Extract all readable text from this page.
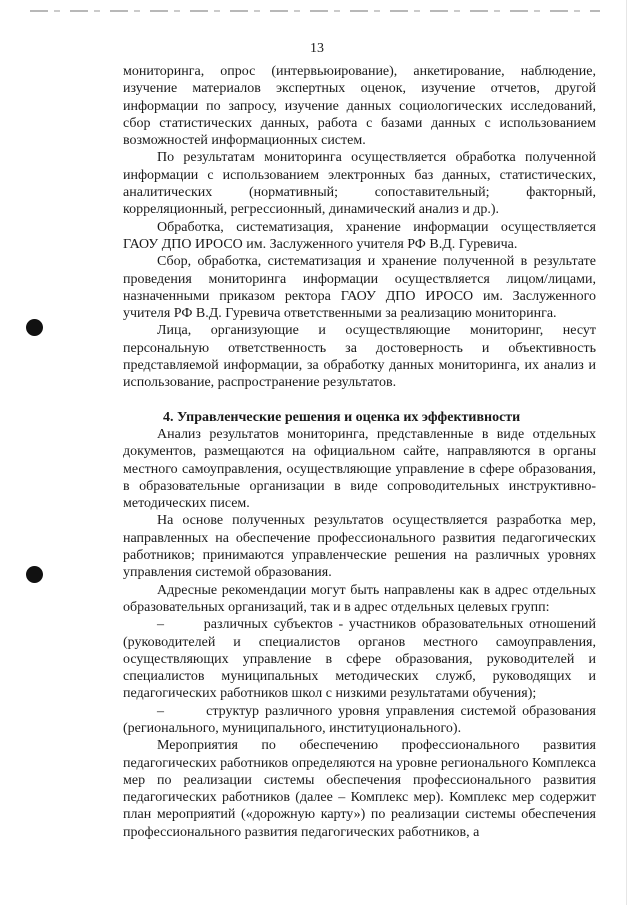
13

мониторинга, опрос (интервьюирование), анкетирование, наблюдение, изучение материалов экспертных оценок, изучение отчетов, другой информации по запросу, изучение данных социологических исследований, сбор статистических данных, работа с базами данных с использованием возможностей информационных систем.

По результатам мониторинга осуществляется обработка полученной информации с использованием электронных баз данных, статистических, аналитических (нормативный; сопоставительный; факторный, корреляционный, регрессионный, динамический анализ и др.).

Обработка, систематизация, хранение информации осуществляется ГАОУ ДПО ИРОСО им. Заслуженного учителя РФ В.Д. Гуревича.

Сбор, обработка, систематизация и хранение полученной в результате проведения мониторинга информации осуществляется лицом/лицами, назначенными приказом ректора ГАОУ ДПО ИРОСО им. Заслуженного учителя РФ В.Д. Гуревича ответственными за реализацию мониторинга.

Лица, организующие и осуществляющие мониторинг, несут персональную ответственность за достоверность и объективность представляемой информации, за обработку данных мониторинга, их анализ и использование, распространение результатов.

4. Управленческие решения и оценка их эффективности

Анализ результатов мониторинга, представленные в виде отдельных документов, размещаются на официальном сайте, направляются в органы местного самоуправления, осуществляющие управление в сфере образования, в образовательные организации в виде сопроводительных инструктивно-методических писем.

На основе полученных результатов осуществляется разработка мер, направленных на обеспечение профессионального развития педагогических работников; принимаются управленческие решения на различных уровнях управления системой образования.

Адресные рекомендации могут быть направлены как в адрес отдельных образовательных организаций, так и в адрес отдельных целевых групп:

–       различных субъектов - участников образовательных отношений (руководителей и специалистов органов местного самоуправления, осуществляющих управление в сфере образования, руководителей и специалистов муниципальных методических служб, руководящих и педагогических работников школ с низкими результатами обучения);

–       структур различного уровня управления системой образования (регионального, муниципального, институционального).

Мероприятия по обеспечению профессионального развития педагогических работников определяются на уровне регионального Комплекса мер по реализации системы обеспечения профессионального развития педагогических работников (далее – Комплекс мер). Комплекс мер содержит план мероприятий («дорожную карту») по реализации системы обеспечения профессионального развития педагогических работников, а
